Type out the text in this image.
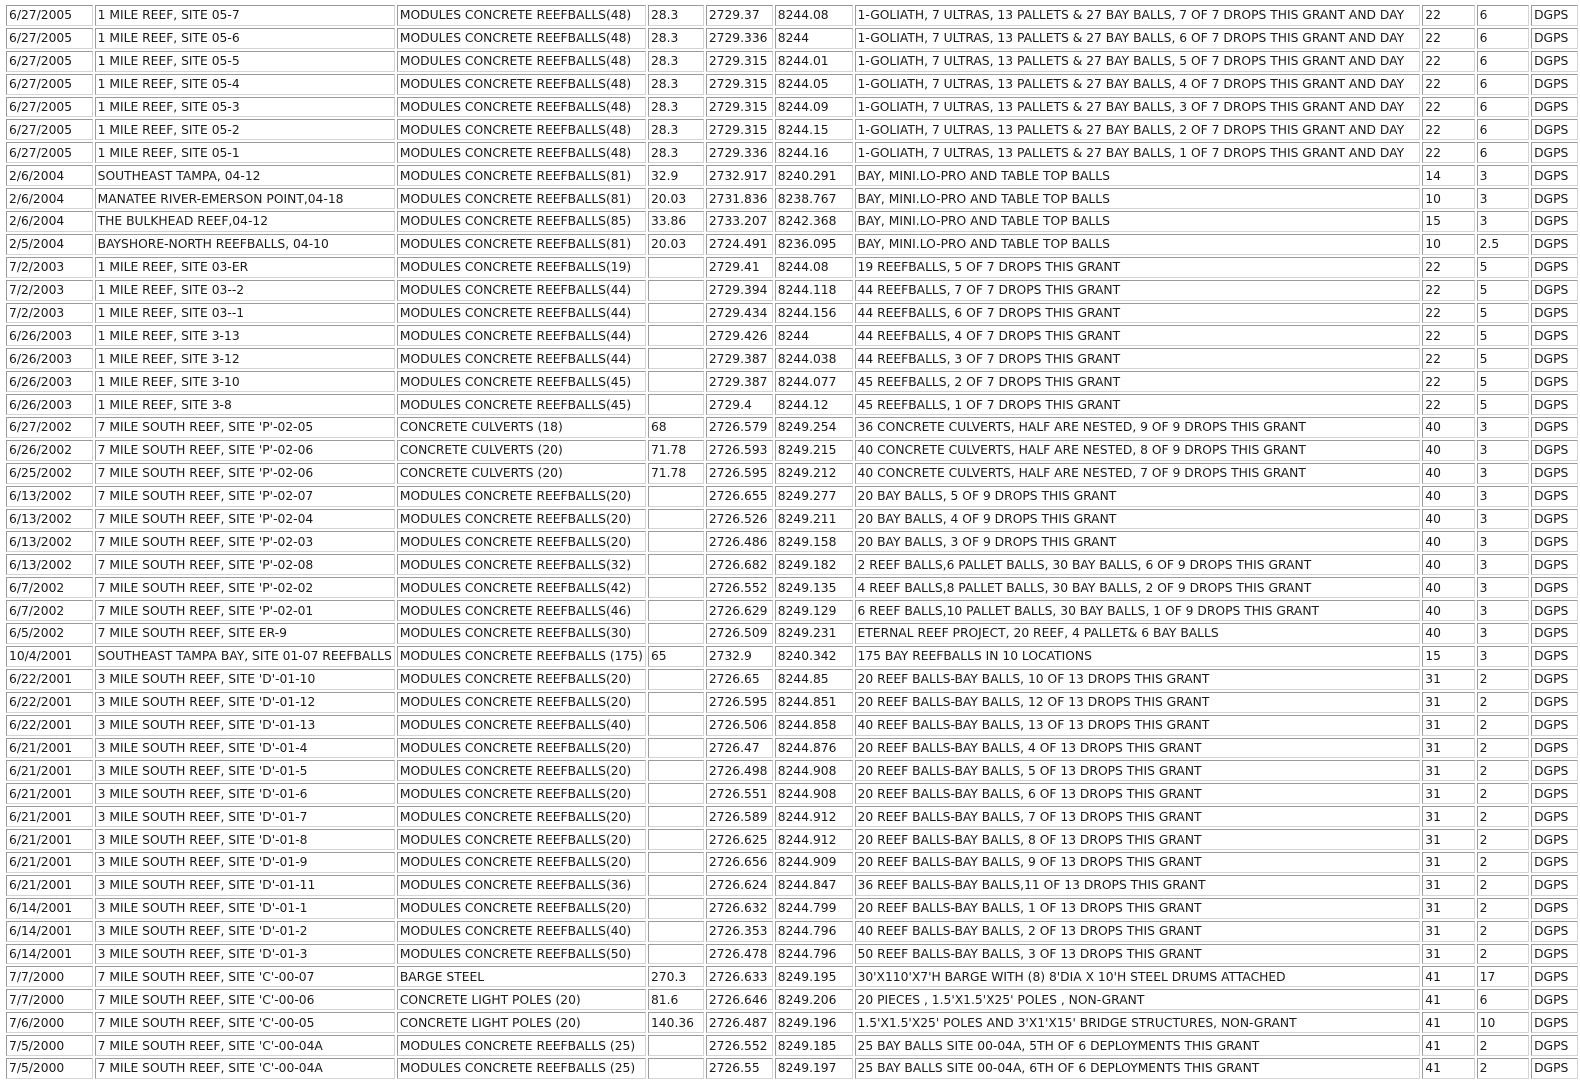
6/27/2005	1 MILE REEF, SITE 05-7	MODULES CONCRETE REEFBALLS(48)	28.3	2729.37	8244.08	1-GOLIATH, 7 ULTRAS, 13 PALLETS & 27 BAY BALLS, 7 OF 7 DROPS THIS GRANT AND DAY	22	6	DGPS
6/27/2005	1 MILE REEF, SITE 05-6	MODULES CONCRETE REEFBALLS(48)	28.3	2729.336	8244	1-GOLIATH, 7 ULTRAS, 13 PALLETS & 27 BAY BALLS, 6 OF 7 DROPS THIS GRANT AND DAY	22	6	DGPS
6/27/2005	1 MILE REEF, SITE 05-5	MODULES CONCRETE REEFBALLS(48)	28.3	2729.315	8244.01	1-GOLIATH, 7 ULTRAS, 13 PALLETS & 27 BAY BALLS, 5 OF 7 DROPS THIS GRANT AND DAY	22	6	DGPS
6/27/2005	1 MILE REEF, SITE 05-4	MODULES CONCRETE REEFBALLS(48)	28.3	2729.315	8244.05	1-GOLIATH, 7 ULTRAS, 13 PALLETS & 27 BAY BALLS, 4 OF 7 DROPS THIS GRANT AND DAY	22	6	DGPS
6/27/2005	1 MILE REEF, SITE 05-3	MODULES CONCRETE REEFBALLS(48)	28.3	2729.315	8244.09	1-GOLIATH, 7 ULTRAS, 13 PALLETS & 27 BAY BALLS, 3 OF 7 DROPS THIS GRANT AND DAY	22	6	DGPS
6/27/2005	1 MILE REEF, SITE 05-2	MODULES CONCRETE REEFBALLS(48)	28.3	2729.315	8244.15	1-GOLIATH, 7 ULTRAS, 13 PALLETS & 27 BAY BALLS, 2 OF 7 DROPS THIS GRANT AND DAY	22	6	DGPS
6/27/2005	1 MILE REEF, SITE 05-1	MODULES CONCRETE REEFBALLS(48)	28.3	2729.336	8244.16	1-GOLIATH, 7 ULTRAS, 13 PALLETS & 27 BAY BALLS, 1 OF 7 DROPS THIS GRANT AND DAY	22	6	DGPS
2/6/2004	SOUTHEAST TAMPA, 04-12	MODULES CONCRETE REEFBALLS(81)	32.9	2732.917	8240.291	BAY, MINI.LO-PRO AND TABLE TOP BALLS	14	3	DGPS
2/6/2004	MANATEE RIVER-EMERSON POINT,04-18	MODULES CONCRETE REEFBALLS(81)	20.03	2731.836	8238.767	BAY, MINI.LO-PRO AND TABLE TOP BALLS	10	3	DGPS
2/6/2004	THE BULKHEAD REEF,04-12	MODULES CONCRETE REEFBALLS(85)	33.86	2733.207	8242.368	BAY, MINI.LO-PRO AND TABLE TOP BALLS	15	3	DGPS
2/5/2004	BAYSHORE-NORTH REEFBALLS, 04-10	MODULES CONCRETE REEFBALLS(81)	20.03	2724.491	8236.095	BAY, MINI.LO-PRO AND TABLE TOP BALLS	10	2.5	DGPS
7/2/2003	1 MILE REEF, SITE 03-ER	MODULES CONCRETE REEFBALLS(19)		2729.41	8244.08	19 REEFBALLS, 5 OF 7 DROPS THIS GRANT	22	5	DGPS
7/2/2003	1 MILE REEF, SITE 03--2	MODULES CONCRETE REEFBALLS(44)		2729.394	8244.118	44 REEFBALLS, 7 OF 7 DROPS THIS GRANT	22	5	DGPS
7/2/2003	1 MILE REEF, SITE 03--1	MODULES CONCRETE REEFBALLS(44)		2729.434	8244.156	44 REEFBALLS, 6 OF 7 DROPS THIS GRANT	22	5	DGPS
6/26/2003	1 MILE REEF, SITE 3-13	MODULES CONCRETE REEFBALLS(44)		2729.426	8244	44 REEFBALLS, 4 OF 7 DROPS THIS GRANT	22	5	DGPS
6/26/2003	1 MILE REEF, SITE 3-12	MODULES CONCRETE REEFBALLS(44)		2729.387	8244.038	44 REEFBALLS, 3 OF 7 DROPS THIS GRANT	22	5	DGPS
6/26/2003	1 MILE REEF, SITE 3-10	MODULES CONCRETE REEFBALLS(45)		2729.387	8244.077	45 REEFBALLS, 2 OF 7 DROPS THIS GRANT	22	5	DGPS
6/26/2003	1 MILE REEF, SITE 3-8	MODULES CONCRETE REEFBALLS(45)		2729.4	8244.12	45 REEFBALLS, 1 OF 7 DROPS THIS GRANT	22	5	DGPS
6/27/2002	7 MILE SOUTH REEF, SITE 'P'-02-05	CONCRETE CULVERTS (18)	68	2726.579	8249.254	36 CONCRETE CULVERTS, HALF ARE NESTED, 9 OF 9 DROPS THIS GRANT	40	3	DGPS
6/26/2002	7 MILE SOUTH REEF, SITE 'P'-02-06	CONCRETE CULVERTS (20)	71.78	2726.593	8249.215	40 CONCRETE CULVERTS, HALF ARE NESTED, 8 OF 9 DROPS THIS GRANT	40	3	DGPS
6/25/2002	7 MILE SOUTH REEF, SITE 'P'-02-06	CONCRETE CULVERTS (20)	71.78	2726.595	8249.212	40 CONCRETE CULVERTS, HALF ARE NESTED, 7 OF 9 DROPS THIS GRANT	40	3	DGPS
6/13/2002	7 MILE SOUTH REEF, SITE 'P'-02-07	MODULES CONCRETE REEFBALLS(20)		2726.655	8249.277	20 BAY BALLS, 5 OF 9 DROPS THIS GRANT	40	3	DGPS
6/13/2002	7 MILE SOUTH REEF, SITE 'P'-02-04	MODULES CONCRETE REEFBALLS(20)		2726.526	8249.211	20 BAY BALLS, 4 OF 9 DROPS THIS GRANT	40	3	DGPS
6/13/2002	7 MILE SOUTH REEF, SITE 'P'-02-03	MODULES CONCRETE REEFBALLS(20)		2726.486	8249.158	20 BAY BALLS, 3 OF 9 DROPS THIS GRANT	40	3	DGPS
6/13/2002	7 MILE SOUTH REEF, SITE 'P'-02-08	MODULES CONCRETE REEFBALLS(32)		2726.682	8249.182	2 REEF BALLS,6 PALLET BALLS, 30 BAY BALLS, 6 OF 9 DROPS THIS GRANT	40	3	DGPS
6/7/2002	7 MILE SOUTH REEF, SITE 'P'-02-02	MODULES CONCRETE REEFBALLS(42)		2726.552	8249.135	4 REEF BALLS,8 PALLET BALLS, 30 BAY BALLS, 2 OF 9 DROPS THIS GRANT	40	3	DGPS
6/7/2002	7 MILE SOUTH REEF, SITE 'P'-02-01	MODULES CONCRETE REEFBALLS(46)		2726.629	8249.129	6 REEF BALLS,10 PALLET BALLS, 30 BAY BALLS, 1 OF 9 DROPS THIS GRANT	40	3	DGPS
6/5/2002	7 MILE SOUTH REEF, SITE ER-9	MODULES CONCRETE REEFBALLS(30)		2726.509	8249.231	ETERNAL REEF PROJECT, 20 REEF, 4 PALLET& 6 BAY BALLS	40	3	DGPS
10/4/2001	SOUTHEAST TAMPA BAY, SITE 01-07 REEFBALLS	MODULES CONCRETE REEFBALLS (175)	65	2732.9	8240.342	175 BAY REEFBALLS IN 10 LOCATIONS	15	3	DGPS
6/22/2001	3 MILE SOUTH REEF, SITE 'D'-01-10	MODULES CONCRETE REEFBALLS(20)		2726.65	8244.85	20 REEF BALLS-BAY BALLS, 10 OF 13 DROPS THIS GRANT	31	2	DGPS
6/22/2001	3 MILE SOUTH REEF, SITE 'D'-01-12	MODULES CONCRETE REEFBALLS(20)		2726.595	8244.851	20 REEF BALLS-BAY BALLS, 12 OF 13 DROPS THIS GRANT	31	2	DGPS
6/22/2001	3 MILE SOUTH REEF, SITE 'D'-01-13	MODULES CONCRETE REEFBALLS(40)		2726.506	8244.858	40 REEF BALLS-BAY BALLS, 13 OF 13 DROPS THIS GRANT	31	2	DGPS
6/21/2001	3 MILE SOUTH REEF, SITE 'D'-01-4	MODULES CONCRETE REEFBALLS(20)		2726.47	8244.876	20 REEF BALLS-BAY BALLS, 4 OF 13 DROPS THIS GRANT	31	2	DGPS
6/21/2001	3 MILE SOUTH REEF, SITE 'D'-01-5	MODULES CONCRETE REEFBALLS(20)		2726.498	8244.908	20 REEF BALLS-BAY BALLS, 5 OF 13 DROPS THIS GRANT	31	2	DGPS
6/21/2001	3 MILE SOUTH REEF, SITE 'D'-01-6	MODULES CONCRETE REEFBALLS(20)		2726.551	8244.908	20 REEF BALLS-BAY BALLS, 6 OF 13 DROPS THIS GRANT	31	2	DGPS
6/21/2001	3 MILE SOUTH REEF, SITE 'D'-01-7	MODULES CONCRETE REEFBALLS(20)		2726.589	8244.912	20 REEF BALLS-BAY BALLS, 7 OF 13 DROPS THIS GRANT	31	2	DGPS
6/21/2001	3 MILE SOUTH REEF, SITE 'D'-01-8	MODULES CONCRETE REEFBALLS(20)		2726.625	8244.912	20 REEF BALLS-BAY BALLS, 8 OF 13 DROPS THIS GRANT	31	2	DGPS
6/21/2001	3 MILE SOUTH REEF, SITE 'D'-01-9	MODULES CONCRETE REEFBALLS(20)		2726.656	8244.909	20 REEF BALLS-BAY BALLS, 9 OF 13 DROPS THIS GRANT	31	2	DGPS
6/21/2001	3 MILE SOUTH REEF, SITE 'D'-01-11	MODULES CONCRETE REEFBALLS(36)		2726.624	8244.847	36 REEF BALLS-BAY BALLS,11 OF 13 DROPS THIS GRANT	31	2	DGPS
6/14/2001	3 MILE SOUTH REEF, SITE 'D'-01-1	MODULES CONCRETE REEFBALLS(20)		2726.632	8244.799	20 REEF BALLS-BAY BALLS, 1 OF 13 DROPS THIS GRANT	31	2	DGPS
6/14/2001	3 MILE SOUTH REEF, SITE 'D'-01-2	MODULES CONCRETE REEFBALLS(40)		2726.353	8244.796	40 REEF BALLS-BAY BALLS, 2 OF 13 DROPS THIS GRANT	31	2	DGPS
6/14/2001	3 MILE SOUTH REEF, SITE 'D'-01-3	MODULES CONCRETE REEFBALLS(50)		2726.478	8244.796	50 REEF BALLS-BAY BALLS, 3 OF 13 DROPS THIS GRANT	31	2	DGPS
7/7/2000	7 MILE SOUTH REEF, SITE 'C'-00-07	BARGE STEEL	270.3	2726.633	8249.195	30'X110'X7'H BARGE WITH (8) 8'DIA X 10'H STEEL DRUMS ATTACHED	41	17	DGPS
7/7/2000	7 MILE SOUTH REEF, SITE 'C'-00-06	CONCRETE LIGHT POLES (20)	81.6	2726.646	8249.206	20 PIECES , 1.5'X1.5'X25' POLES , NON-GRANT	41	6	DGPS
7/6/2000	7 MILE SOUTH REEF, SITE 'C'-00-05	CONCRETE LIGHT POLES (20)	140.36	2726.487	8249.196	1.5'X1.5'X25' POLES AND 3'X1'X15' BRIDGE STRUCTURES, NON-GRANT	41	10	DGPS
7/5/2000	7 MILE SOUTH REEF, SITE 'C'-00-04A	MODULES CONCRETE REEFBALLS (25)		2726.552	8249.185	25 BAY BALLS SITE 00-04A, 5TH OF 6 DEPLOYMENTS THIS GRANT	41	2	DGPS
7/5/2000	7 MILE SOUTH REEF, SITE 'C'-00-04A	MODULES CONCRETE REEFBALLS (25)		2726.55	8249.197	25 BAY BALLS SITE 00-04A, 6TH OF 6 DEPLOYMENTS THIS GRANT	41	2	DGPS
